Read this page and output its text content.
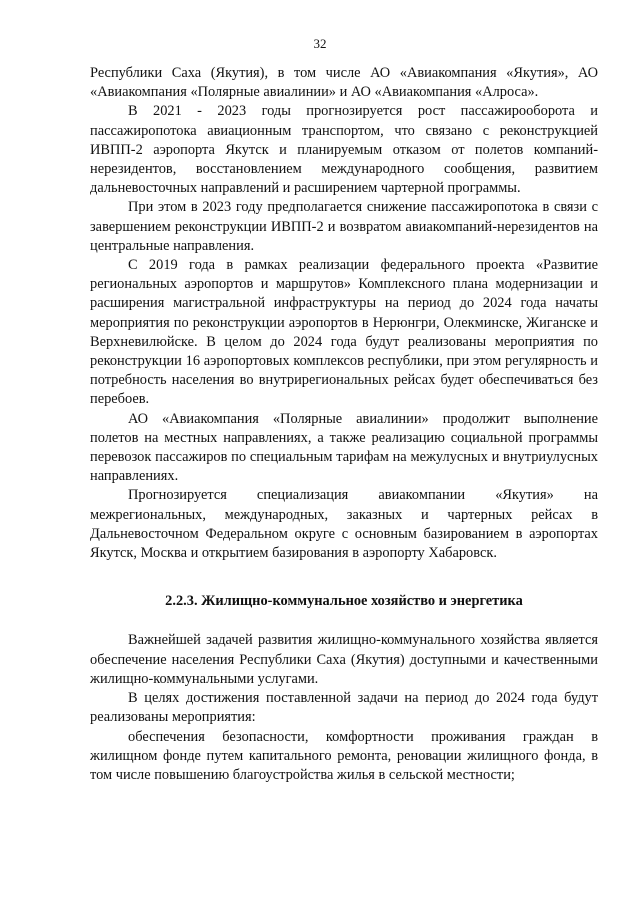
32

Республики Саха (Якутия), в том числе АО «Авиакомпания «Якутия», АО «Авиакомпания «Полярные авиалинии» и АО «Авиакомпания «Алроса».

В 2021 - 2023 годы прогнозируется рост пассажирооборота и пассажиропотока авиационным транспортом, что связано с реконструкцией ИВПП-2 аэропорта Якутск и планируемым отказом от полетов компаний-нерезидентов, восстановлением международного сообщения, развитием дальневосточных направлений и расширением чартерной программы.

При этом в 2023 году предполагается снижение пассажиропотока в связи с завершением реконструкции ИВПП-2 и возвратом авиакомпаний-нерезидентов на центральные направления.

С 2019 года в рамках реализации федерального проекта «Развитие региональных аэропортов и маршрутов» Комплексного плана модернизации и расширения магистральной инфраструктуры на период до 2024 года начаты мероприятия по реконструкции аэропортов в Нерюнгри, Олекминске, Жиганске и Верхневилюйске. В целом до 2024 года будут реализованы мероприятия по реконструкции 16 аэропортовых комплексов республики, при этом регулярность и потребность населения во внутрирегиональных рейсах будет обеспечиваться без перебоев.

АО «Авиакомпания «Полярные авиалинии» продолжит выполнение полетов на местных направлениях, а также реализацию социальной программы перевозок пассажиров по специальным тарифам на межулусных и внутриулусных направлениях.

Прогнозируется специализация авиакомпании «Якутия» на межрегиональных, международных, заказных и чартерных рейсах в Дальневосточном Федеральном округе с основным базированием в аэропортах Якутск, Москва и открытием базирования в аэропорту Хабаровск.

2.2.3. Жилищно-коммунальное хозяйство и энергетика

Важнейшей задачей развития жилищно-коммунального хозяйства является обеспечение населения Республики Саха (Якутия) доступными и качественными жилищно-коммунальными услугами.

В целях достижения поставленной задачи на период до 2024 года будут реализованы мероприятия:

обеспечения безопасности, комфортности проживания граждан в жилищном фонде путем капитального ремонта, реновации жилищного фонда, в том числе повышению благоустройства жилья в сельской местности;
